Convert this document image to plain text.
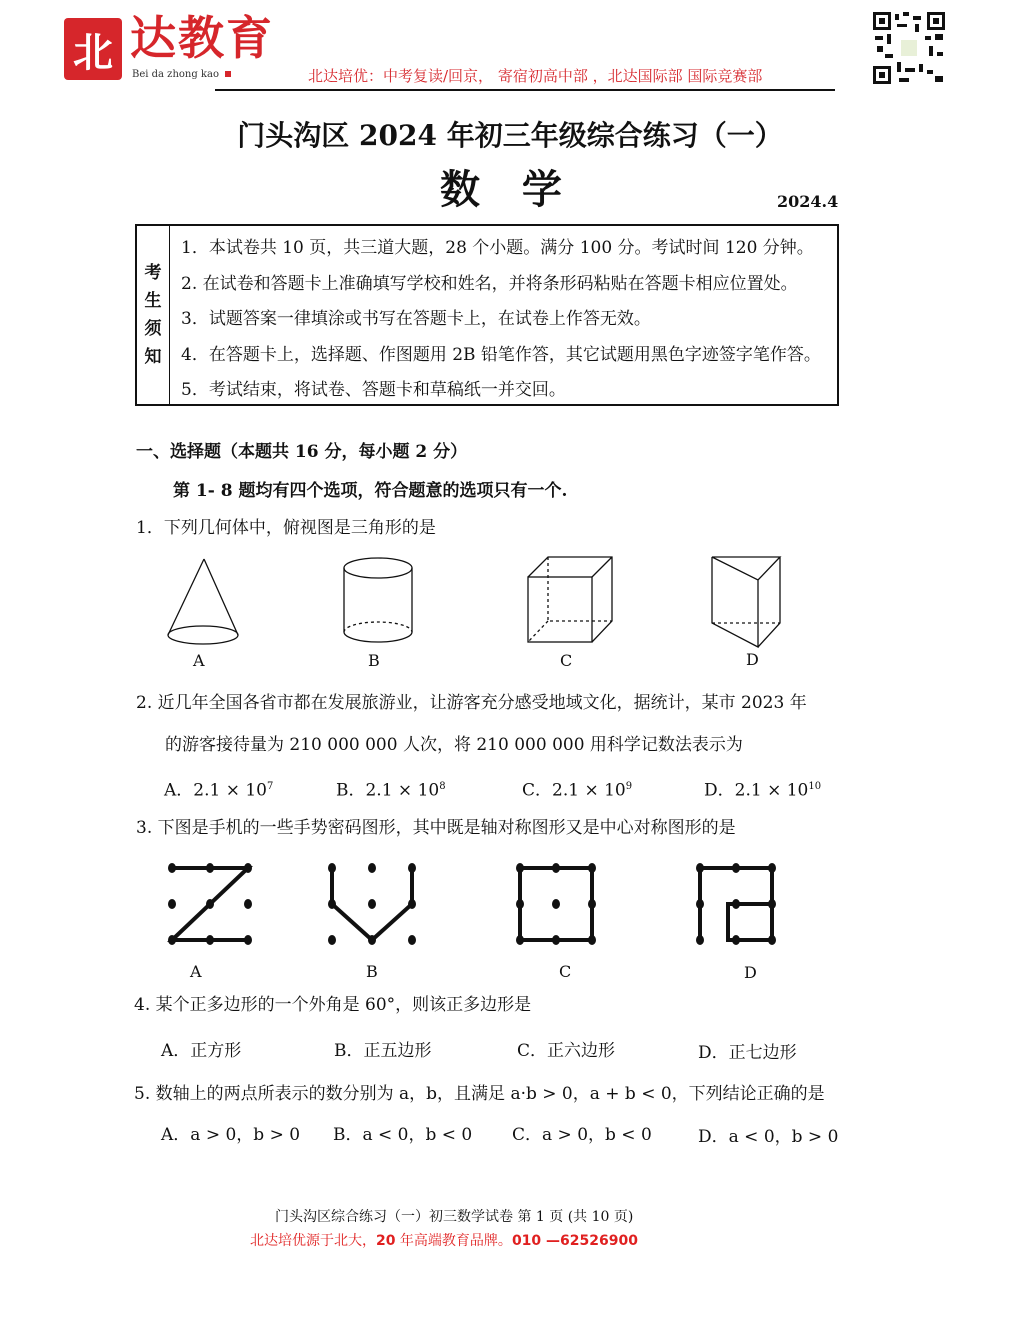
北 达教育
Bei da zhong kao	北达培优：中考复读/回京， 寄宿初高中部 ，北达国际部 国际竞赛部
门头沟区 2024 年初三年级综合练习（一）
数 学	2024.4
考
生
须
知
1．本试卷共 10 页，共三道大题，28 个小题。满分 100 分。考试时间 120 分钟。
2. 在试卷和答题卡上准确填写学校和姓名，并将条形码粘贴在答题卡相应位置处。
3．试题答案一律填涂或书写在答题卡上，在试卷上作答无效。
4．在答题卡上，选择题、作图题用 2B 铅笔作答，其它试题用黑色字迹签字笔作答。
5．考试结束，将试卷、答题卡和草稿纸一并交回。
一、选择题（本题共 16 分，每小题 2 分）
第 1- 8 题均有四个选项，符合题意的选项只有一个.
1．下列几何体中，俯视图是三角形的是
A	B	C	D
2. 近几年全国各省市都在发展旅游业，让游客充分感受地域文化，据统计，某市 2023 年
的游客接待量为 210 000 000 人次，将 210 000 000 用科学记数法表示为
A．$2.1 \times 10^7$	B．$2.1 \times 10^8$	C．$2.1 \times 10^9$	D．$2.1 \times 10^{10}$
3. 下图是手机的一些手势密码图形，其中既是轴对称图形又是中心对称图形的是
A	B	C	D
4. 某个正多边形的一个外角是 60°，则该正多边形是
A．正方形	B．正五边形	C．正六边形	D．正七边形
5. 数轴上的两点所表示的数分别为 a，b，且满足 a·b > 0，a + b < 0，下列结论正确的是
A．a > 0，b > 0 B．a < 0，b < 0 C．a > 0，b < 0	D．a < 0，b > 0
门头沟区综合练习（一）初三数学试卷 第 1 页 (共 10 页)
北达培优源于北大，20 年高端教育品牌。010 —62526900
